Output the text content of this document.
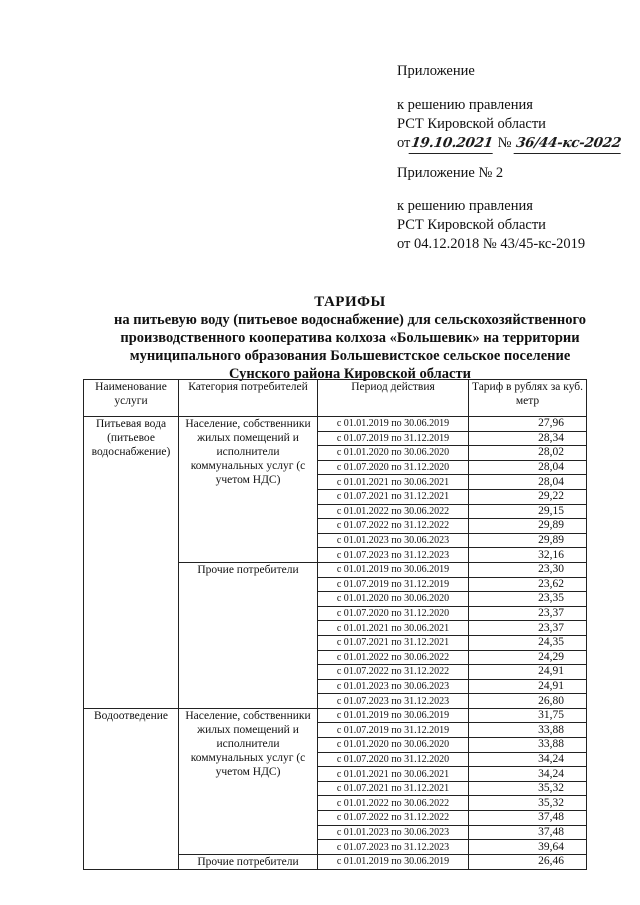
Приложение
к решению правления
РСТ Кировской области
от19.10.2021 № 36/44-кс-2022
Приложение № 2
к решению правления
РСТ Кировской области
от 04.12.2018 № 43/45-кс-2019
ТАРИФЫ
на питьевую воду (питьевое водоснабжение) для сельскохозяйственного
производственного кооператива колхоза «Большевик» на территории
муниципального образования Большевистское сельское поселение
Сунского района Кировской области
Наименование услуги	Категория потребителей	Период действия	Тариф в рублях за куб. метр
Питьевая вода (питьевое водоснабжение)	Население, собственники жилых помещений и исполнители коммунальных услуг (с учетом НДС)	с 01.01.2019 по 30.06.2019	27,96
		с 01.07.2019 по 31.12.2019	28,34
		с 01.01.2020 по 30.06.2020	28,02
		с 01.07.2020 по 31.12.2020	28,04
		с 01.01.2021 по 30.06.2021	28,04
		с 01.07.2021 по 31.12.2021	29,22
		с 01.01.2022 по 30.06.2022	29,15
		с 01.07.2022 по 31.12.2022	29,89
		с 01.01.2023 по 30.06.2023	29,89
		с 01.07.2023 по 31.12.2023	32,16
	Прочие потребители	с 01.01.2019 по 30.06.2019	23,30
		с 01.07.2019 по 31.12.2019	23,62
		с 01.01.2020 по 30.06.2020	23,35
		с 01.07.2020 по 31.12.2020	23,37
		с 01.01.2021 по 30.06.2021	23,37
		с 01.07.2021 по 31.12.2021	24,35
		с 01.01.2022 по 30.06.2022	24,29
		с 01.07.2022 по 31.12.2022	24,91
		с 01.01.2023 по 30.06.2023	24,91
		с 01.07.2023 по 31.12.2023	26,80
Водоотведение	Население, собственники жилых помещений и исполнители коммунальных услуг (с учетом НДС)	с 01.01.2019 по 30.06.2019	31,75
		с 01.07.2019 по 31.12.2019	33,88
		с 01.01.2020 по 30.06.2020	33,88
		с 01.07.2020 по 31.12.2020	34,24
		с 01.01.2021 по 30.06.2021	34,24
		с 01.07.2021 по 31.12.2021	35,32
		с 01.01.2022 по 30.06.2022	35,32
		с 01.07.2022 по 31.12.2022	37,48
		с 01.01.2023 по 30.06.2023	37,48
		с 01.07.2023 по 31.12.2023	39,64
	Прочие потребители	с 01.01.2019 по 30.06.2019	26,46
